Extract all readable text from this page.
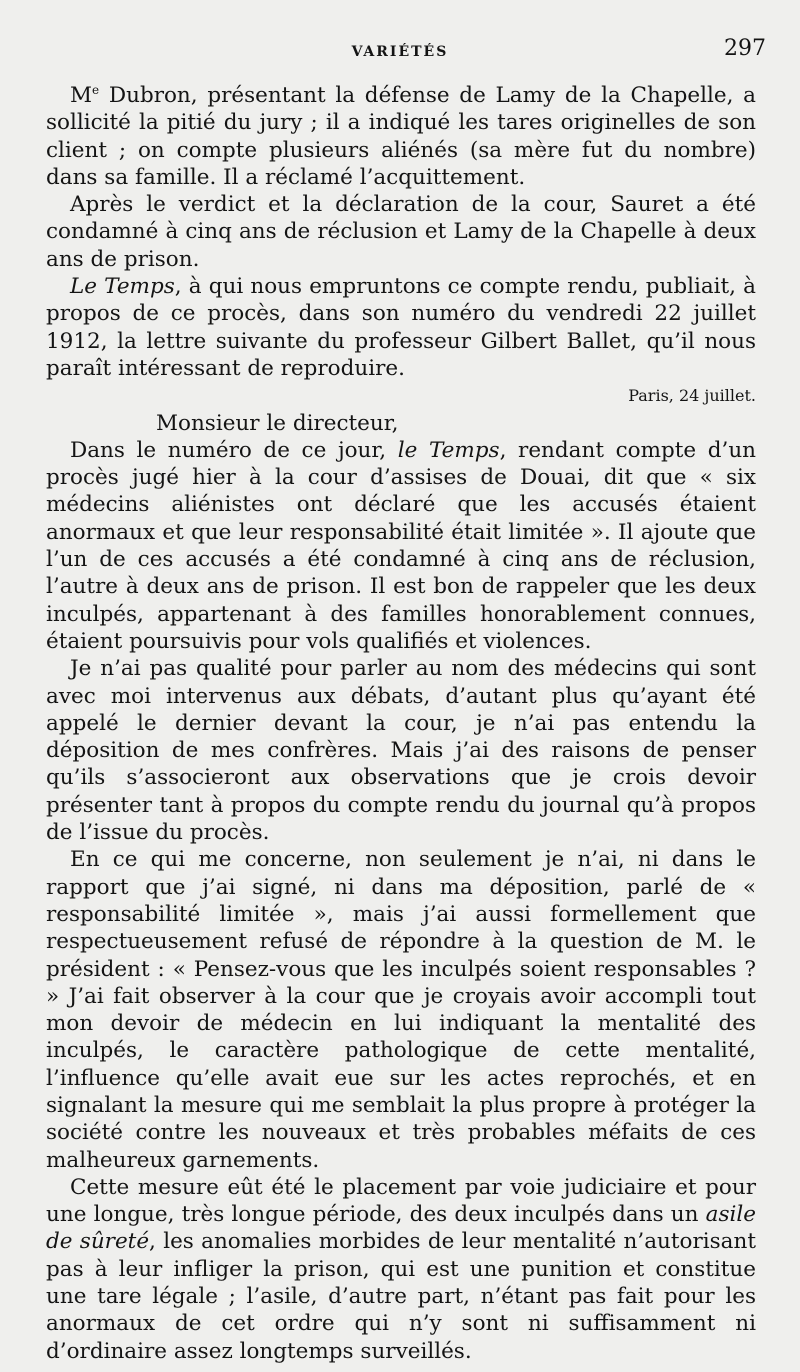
VARIÉTÉS	297

Me Dubron, présentant la défense de Lamy de la Chapelle, a sollicité la pitié du jury ; il a indiqué les tares originelles de son client ; on compte plusieurs aliénés (sa mère fut du nombre) dans sa famille. Il a réclamé l’acquittement.

Après le verdict et la déclaration de la cour, Sauret a été condamné à cinq ans de réclusion et Lamy de la Chapelle à deux ans de prison.

Le Temps, à qui nous empruntons ce compte rendu, publiait, à propos de ce procès, dans son numéro du vendredi 22 juillet 1912, la lettre suivante du professeur Gilbert Ballet, qu’il nous paraît intéressant de reproduire.

Paris, 24 juillet.

Monsieur le directeur,

Dans le numéro de ce jour, le Temps, rendant compte d’un procès jugé hier à la cour d’assises de Douai, dit que « six médecins aliénistes ont déclaré que les accusés étaient anormaux et que leur responsabilité était limitée ». Il ajoute que l’un de ces accusés a été condamné à cinq ans de réclusion, l’autre à deux ans de prison. Il est bon de rappeler que les deux inculpés, appartenant à des familles honorablement connues, étaient poursuivis pour vols qualifiés et violences.

Je n’ai pas qualité pour parler au nom des médecins qui sont avec moi intervenus aux débats, d’autant plus qu’ayant été appelé le dernier devant la cour, je n’ai pas entendu la déposition de mes confrères. Mais j’ai des raisons de penser qu’ils s’associeront aux observations que je crois devoir présenter tant à propos du compte rendu du journal qu’à propos de l’issue du procès.

En ce qui me concerne, non seulement je n’ai, ni dans le rapport que j’ai signé, ni dans ma déposition, parlé de « responsabilité limitée », mais j’ai aussi formellement que respectueusement refusé de répondre à la question de M. le président : « Pensez-vous que les inculpés soient responsables ? » J’ai fait observer à la cour que je croyais avoir accompli tout mon devoir de médecin en lui indiquant la mentalité des inculpés, le caractère pathologique de cette mentalité, l’influence qu’elle avait eue sur les actes reprochés, et en signalant la mesure qui me semblait la plus propre à protéger la société contre les nouveaux et très probables méfaits de ces malheureux garnements.

Cette mesure eût été le placement par voie judiciaire et pour une longue, très longue période, des deux inculpés dans un asile de sûreté, les anomalies morbides de leur mentalité n’autorisant pas à leur infliger la prison, qui est une punition et constitue une tare légale ; l’asile, d’autre part, n’étant pas fait pour les anormaux de cet ordre qui n’y sont ni suffisamment ni d’ordinaire assez longtemps surveillés.
